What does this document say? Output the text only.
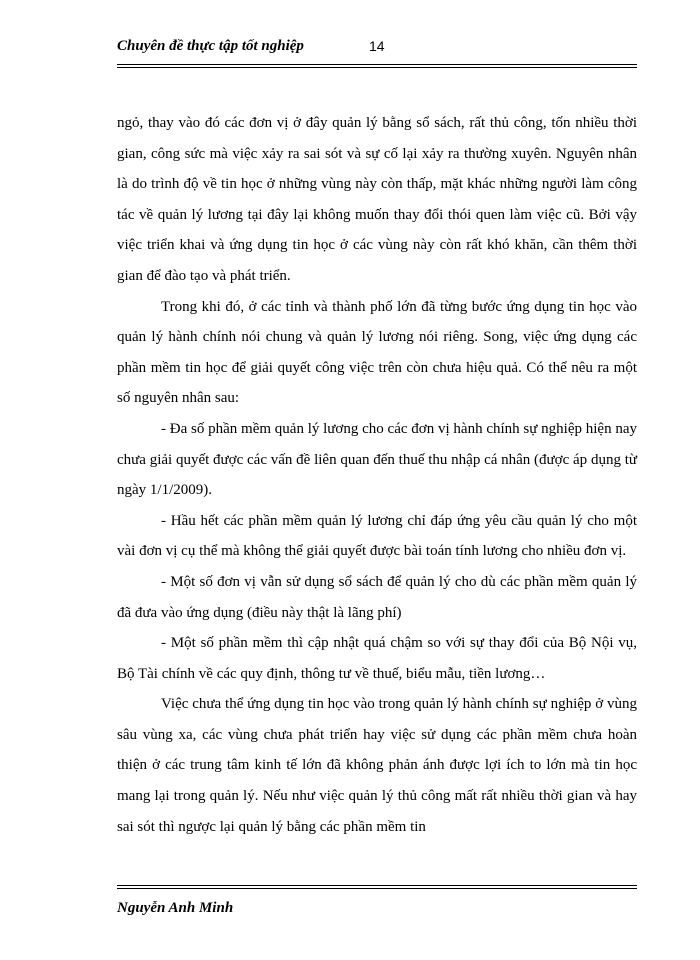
Chuyên đề thực tập tốt nghiệp	14

ngỏ, thay vào đó các đơn vị ở đây quản lý bằng sổ sách, rất thủ công, tốn nhiều thời gian, công sức mà việc xảy ra sai sót và sự cố lại xảy ra thường xuyên. Nguyên nhân là do trình độ về tin học ở những vùng này còn thấp, mặt khác những người làm công tác về quản lý lương tại đây lại không muốn thay đổi thói quen làm việc cũ. Bởi vậy việc triển khai và ứng dụng tin học ở các vùng này còn rất khó khăn, cần thêm thời gian để đào tạo và phát triển.

Trong khi đó, ở các tỉnh và thành phố lớn đã từng bước ứng dụng tin học vào quản lý hành chính nói chung và quản lý lương nói riêng. Song, việc ứng dụng các phần mềm tin học để giải quyết công việc trên còn chưa hiệu quả. Có thể nêu ra một số nguyên nhân sau:

- Đa số phần mềm quản lý lương cho các đơn vị hành chính sự nghiệp hiện nay chưa giải quyết được các vấn đề liên quan đến thuế thu nhập cá nhân (được áp dụng từ ngày 1/1/2009).

- Hầu hết các phần mềm quản lý lương chỉ đáp ứng yêu cầu quản lý cho một vài đơn vị cụ thể mà không thể giải quyết được bài toán tính lương cho nhiều đơn vị.

- Một số đơn vị vẫn sử dụng sổ sách để quản lý cho dù các phần mềm quản lý đã đưa vào ứng dụng (điều này thật là lãng phí)

- Một số phần mềm thì cập nhật quá chậm so với sự thay đổi của Bộ Nội vụ, Bộ Tài chính về các quy định, thông tư về thuế, biểu mẫu, tiền lương…

Việc chưa thể ứng dụng tin học vào trong quản lý hành chính sự nghiệp ở vùng sâu vùng xa, các vùng chưa phát triển hay việc sử dụng các phần mềm chưa hoàn thiện ở các trung tâm kinh tế lớn đã không phản ánh được lợi ích to lớn mà tin học mang lại trong quản lý. Nếu như việc quản lý thủ công mất rất nhiều thời gian và hay sai sót thì ngược lại quản lý bằng các phần mềm tin

Nguyễn Anh Minh
